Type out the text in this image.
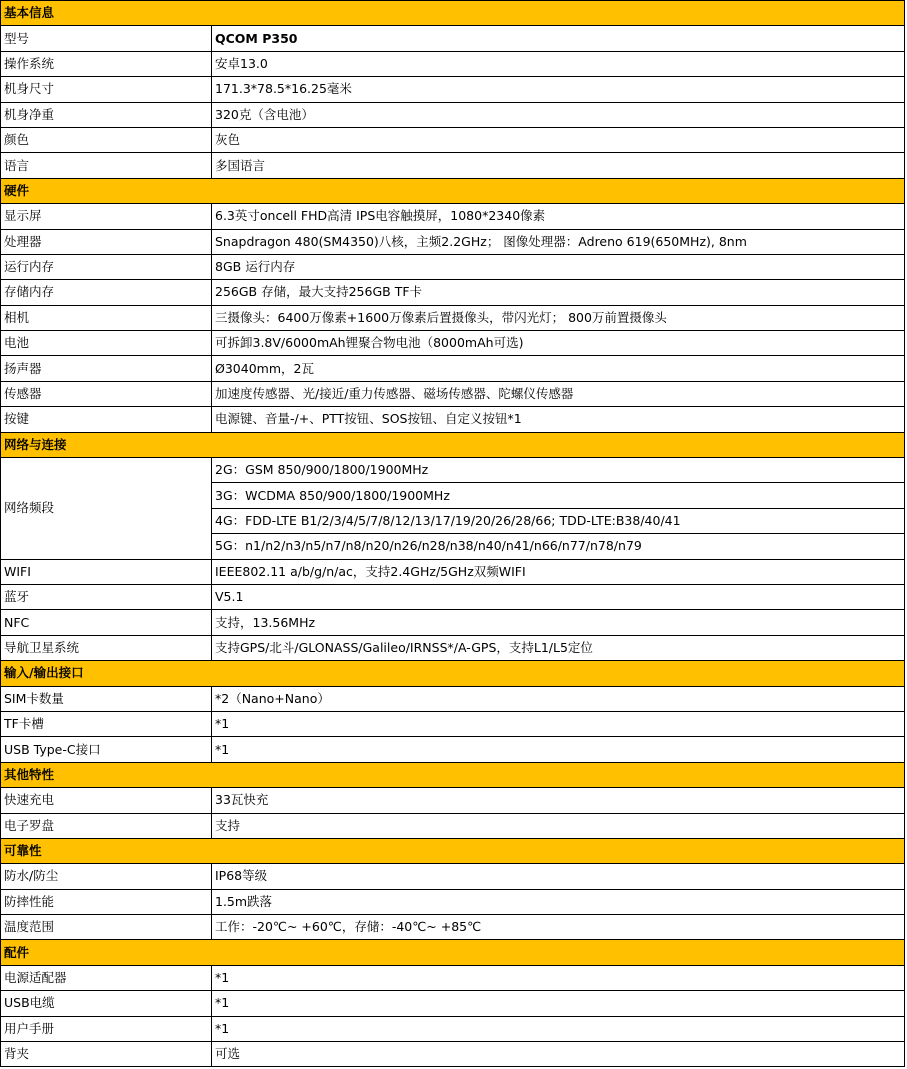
基本信息	
型号	QCOM P350
操作系统	安卓13.0
机身尺寸	171.3*78.5*16.25毫米
机身净重	320克（含电池）
颜色	灰色
语言	多国语言
硬件	
显示屏	6.3英寸oncell FHD高清 IPS电容触摸屏，1080*2340像素
处理器	Snapdragon 480(SM4350)八核，主频2.2GHz； 图像处理器：Adreno 619(650MHz), 8nm
运行内存	8GB 运行内存
存储内存	256GB 存储，最大支持256GB TF卡
相机	三摄像头：6400万像素+1600万像素后置摄像头，带闪光灯； 800万前置摄像头
电池	可拆卸3.8V/6000mAh锂聚合物电池（8000mAh可选)
扬声器	Ø3040mm，2瓦
传感器	加速度传感器、光/接近/重力传感器、磁场传感器、陀螺仪传感器
按键	电源键、音量-/+、PTT按钮、SOS按钮、自定义按钮*1
网络与连接	
网络频段	2G：GSM 850/900/1800/1900MHz
	3G：WCDMA 850/900/1800/1900MHz
	4G：FDD-LTE B1/2/3/4/5/7/8/12/13/17/19/20/26/28/66; TDD-LTE:B38/40/41
	5G：n1/n2/n3/n5/n7/n8/n20/n26/n28/n38/n40/n41/n66/n77/n78/n79
WIFI	IEEE802.11 a/b/g/n/ac，支持2.4GHz/5GHz双频WIFI
蓝牙	V5.1
NFC	支持，13.56MHz
导航卫星系统	支持GPS/北斗/GLONASS/Galileo/IRNSS*/A-GPS，支持L1/L5定位
输入/输出接口	
SIM卡数量	*2（Nano+Nano）
TF卡槽	*1
USB Type-C接口	*1
其他特性	
快速充电	33瓦快充
电子罗盘	支持
可靠性	
防水/防尘	IP68等级
防摔性能	1.5m跌落
温度范围	工作：-20℃~ +60℃，存储：-40℃~ +85℃
配件	
电源适配器	*1
USB电缆	*1
用户手册	*1
背夹	可选
